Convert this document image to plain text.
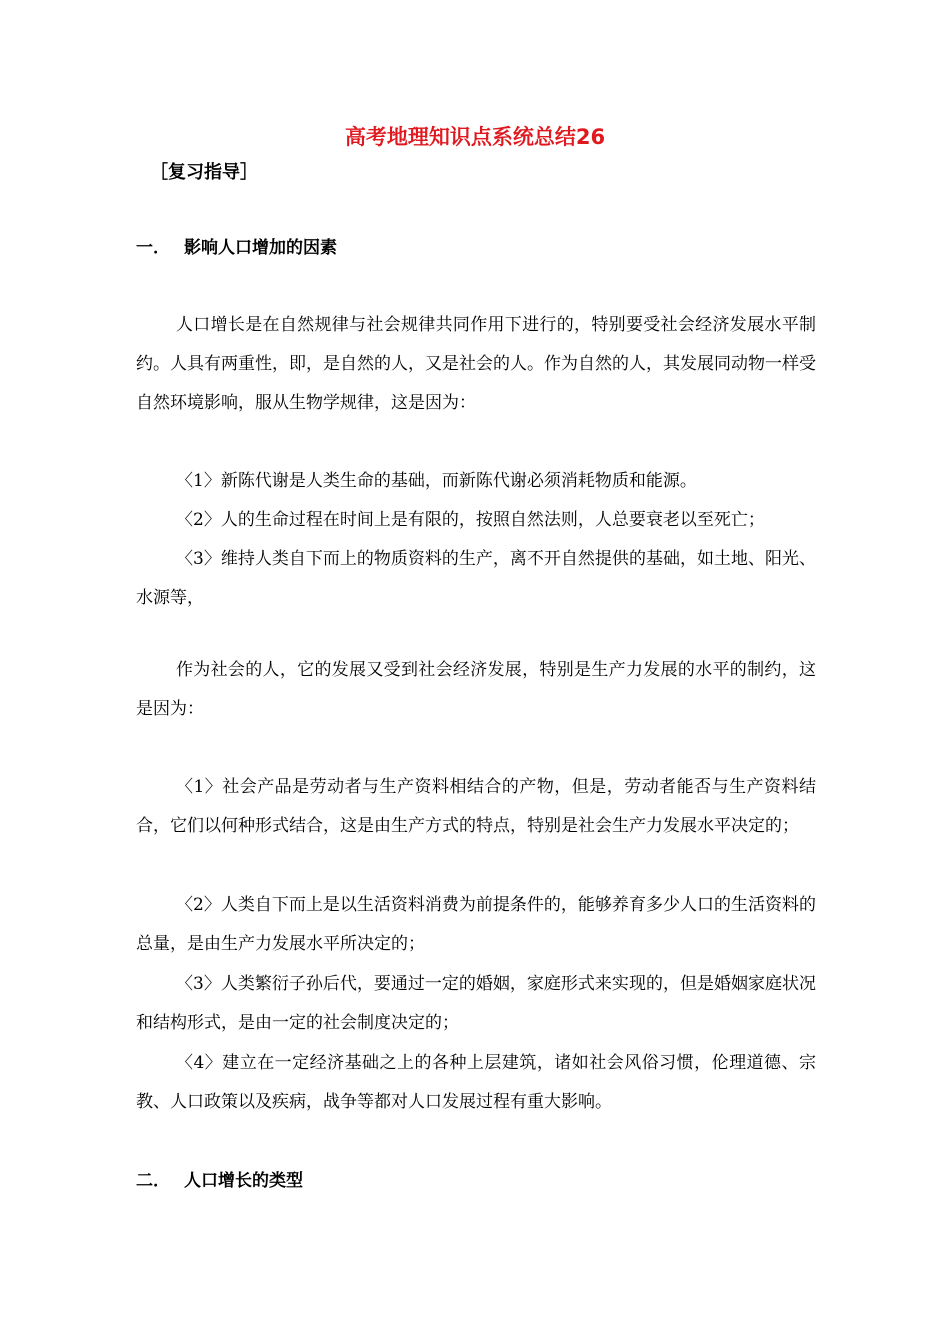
高考地理知识点系统总结26
［复习指导］
一． 影响人口增加的因素

人口增长是在自然规律与社会规律共同作用下进行的，特别要受社会经济发展水平制约。人具有两重性，即，是自然的人，又是社会的人。作为自然的人，其发展同动物一样受自然环境影响，服从生物学规律，这是因为：

〈1〉新陈代谢是人类生命的基础，而新陈代谢必须消耗物质和能源。

〈2〉人的生命过程在时间上是有限的，按照自然法则，人总要衰老以至死亡；

〈3〉维持人类自下而上的物质资料的生产，离不开自然提供的基础，如土地、阳光、水源等，

作为社会的人，它的发展又受到社会经济发展，特别是生产力发展的水平的制约，这是因为：

〈1〉社会产品是劳动者与生产资料相结合的产物，但是，劳动者能否与生产资料结合，它们以何种形式结合，这是由生产方式的特点，特别是社会生产力发展水平决定的；

〈2〉人类自下而上是以生活资料消费为前提条件的，能够养育多少人口的生活资料的总量，是由生产力发展水平所决定的；

〈3〉人类繁衍子孙后代，要通过一定的婚姻，家庭形式来实现的，但是婚姻家庭状况和结构形式，是由一定的社会制度决定的；

〈4〉建立在一定经济基础之上的各种上层建筑，诸如社会风俗习惯，伦理道德、宗教、人口政策以及疾病，战争等都对人口发展过程有重大影响。

二． 人口增长的类型
